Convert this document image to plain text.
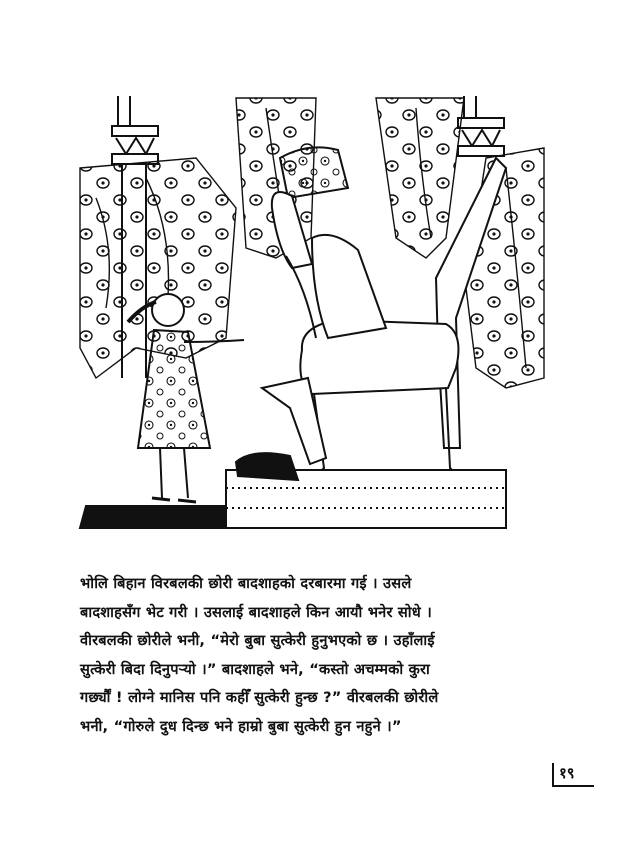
भोलि बिहान विरबलकी छोरी बादशाहको दरबारमा गई । उसले

बादशाहसँग भेट गरी । उसलाई बादशाहले किन आयौ भनेर सोधे ।

वीरबलकी छोरीले भनी, “मेरो बुबा सुत्केरी हुनुभएको छ । उहाँलाई

सुत्केरी बिदा दिनुपऱ्यो ।” बादशाहले भने, “कस्तो अचम्मको कुरा

गर्छ्यौं ! लोग्ने मानिस पनि कहीँ सुत्केरी हुन्छ ?” वीरबलकी छोरीले

भनी, “गोरुले दुध दिन्छ भने हाम्रो बुबा सुत्केरी हुन नहुने ।”

१९
